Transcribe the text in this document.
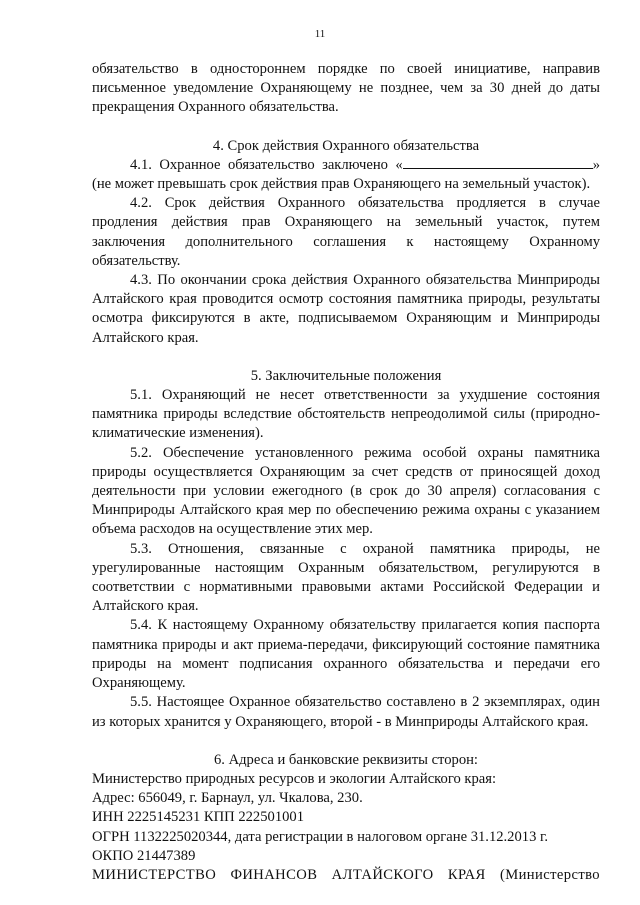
11

обязательство в одностороннем порядке по своей инициативе, направив письменное уведомление Охраняющему не позднее, чем за 30 дней до даты прекращения Охранного обязательства.

4. Срок действия Охранного обязательства

4.1. Охранное обязательство заключено «	» (не может превышать срок действия прав Охраняющего на земельный участок).

4.2. Срок действия Охранного обязательства продляется в случае продления действия прав Охраняющего на земельный участок, путем заключения дополнительного соглашения к настоящему Охранному обязательству.

4.3. По окончании срока действия Охранного обязательства Минприроды Алтайского края проводится осмотр состояния памятника природы, результаты осмотра фиксируются в акте, подписываемом Охраняющим и Минприроды Алтайского края.

5. Заключительные положения

5.1. Охраняющий не несет ответственности за ухудшение состояния памятника природы вследствие обстоятельств непреодолимой силы (природно-климатические изменения).

5.2. Обеспечение установленного режима особой охраны памятника природы осуществляется Охраняющим за счет средств от приносящей доход деятельности при условии ежегодного (в срок до 30 апреля) согласования с Минприроды Алтайского края мер по обеспечению режима охраны с указанием объема расходов на осуществление этих мер.

5.3. Отношения, связанные с охраной памятника природы, не урегулированные настоящим Охранным обязательством, регулируются в соответствии с нормативными правовыми актами Российской Федерации и Алтайского края.

5.4. К настоящему Охранному обязательству прилагается копия паспорта памятника природы и акт приема-передачи, фиксирующий состояние памятника природы на момент подписания охранного обязательства и передачи его Охраняющему.

5.5. Настоящее Охранное обязательство составлено в 2 экземплярах, один из которых хранится у Охраняющего, второй - в Минприроды Алтайского края.

6. Адреса и банковские реквизиты сторон:

Министерство природных ресурсов и экологии Алтайского края:

Адрес: 656049, г. Барнаул, ул. Чкалова, 230.

ИНН 2225145231 КПП 222501001

ОГРН 1132225020344, дата регистрации в налоговом органе 31.12.2013 г.

ОКПО 21447389

МИНИСТЕРСТВО ФИНАНСОВ АЛТАЙСКОГО КРАЯ (Министерство
